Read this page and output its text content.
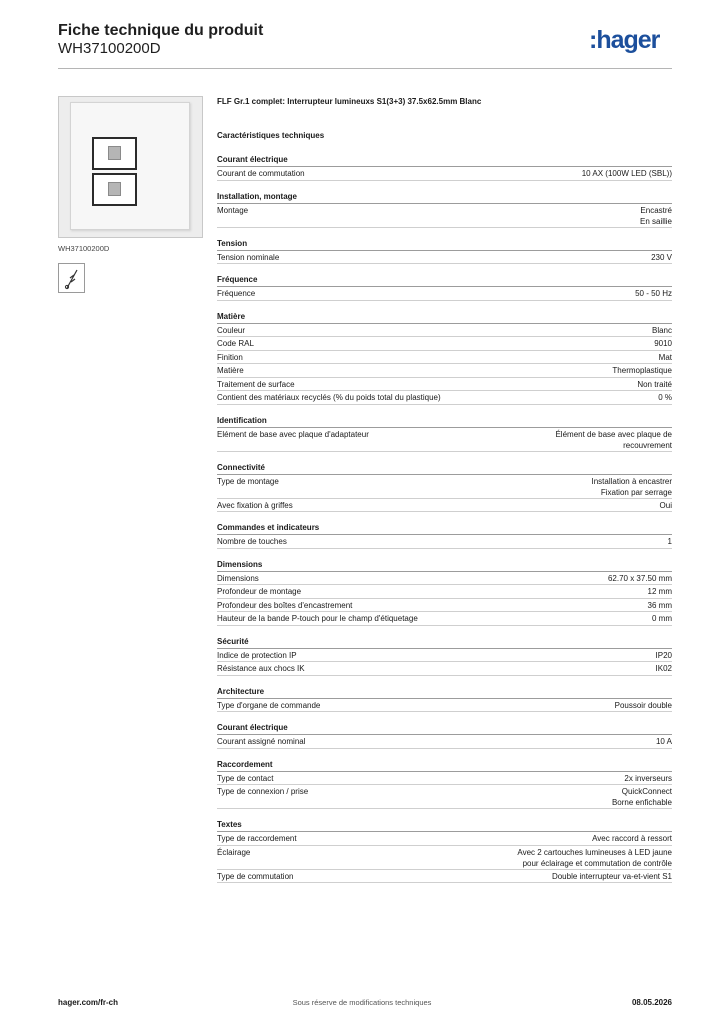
Fiche technique du produit
WH37100200D	:hager
WH37100200D
FLF Gr.1 complet: Interrupteur lumineuxs S1(3+3) 37.5x62.5mm Blanc
Caractéristiques techniques
Courant électrique
Courant de commutation	10 AX (100W LED (SBL))
Installation, montage
Montage	Encastré
En saillie
Tension
Tension nominale	230 V
Fréquence
Fréquence	50 - 50 Hz
Matière
Couleur	Blanc
Code RAL	9010
Finition	Mat
Matière	Thermoplastique
Traitement de surface	Non traité
Contient des matériaux recyclés (% du poids total du plastique)	0 %
Identification
Elément de base avec plaque d'adaptateur	Élément de base avec plaque de
recouvrement
Connectivité
Type de montage	Installation à encastrer
Fixation par serrage
Avec fixation à griffes	Oui
Commandes et indicateurs
Nombre de touches	1
Dimensions
Dimensions	62.70 x 37.50 mm
Profondeur de montage	12 mm
Profondeur des boîtes d'encastrement	36 mm
Hauteur de la bande P-touch pour le champ d'étiquetage	0 mm
Sécurité
Indice de protection IP	IP20
Résistance aux chocs IK	IK02
Architecture
Type d'organe de commande	Poussoir double
Courant électrique
Courant assigné nominal	10 A
Raccordement
Type de contact	2x inverseurs
Type de connexion / prise	QuickConnect
Borne enfichable
Textes
Type de raccordement	Avec raccord à ressort
Éclairage	Avec 2 cartouches lumineuses à LED jaune
pour éclairage et commutation de contrôle
Type de commutation	Double interrupteur va-et-vient S1
hager.com/fr-ch	Sous réserve de modifications techniques	08.05.2026
